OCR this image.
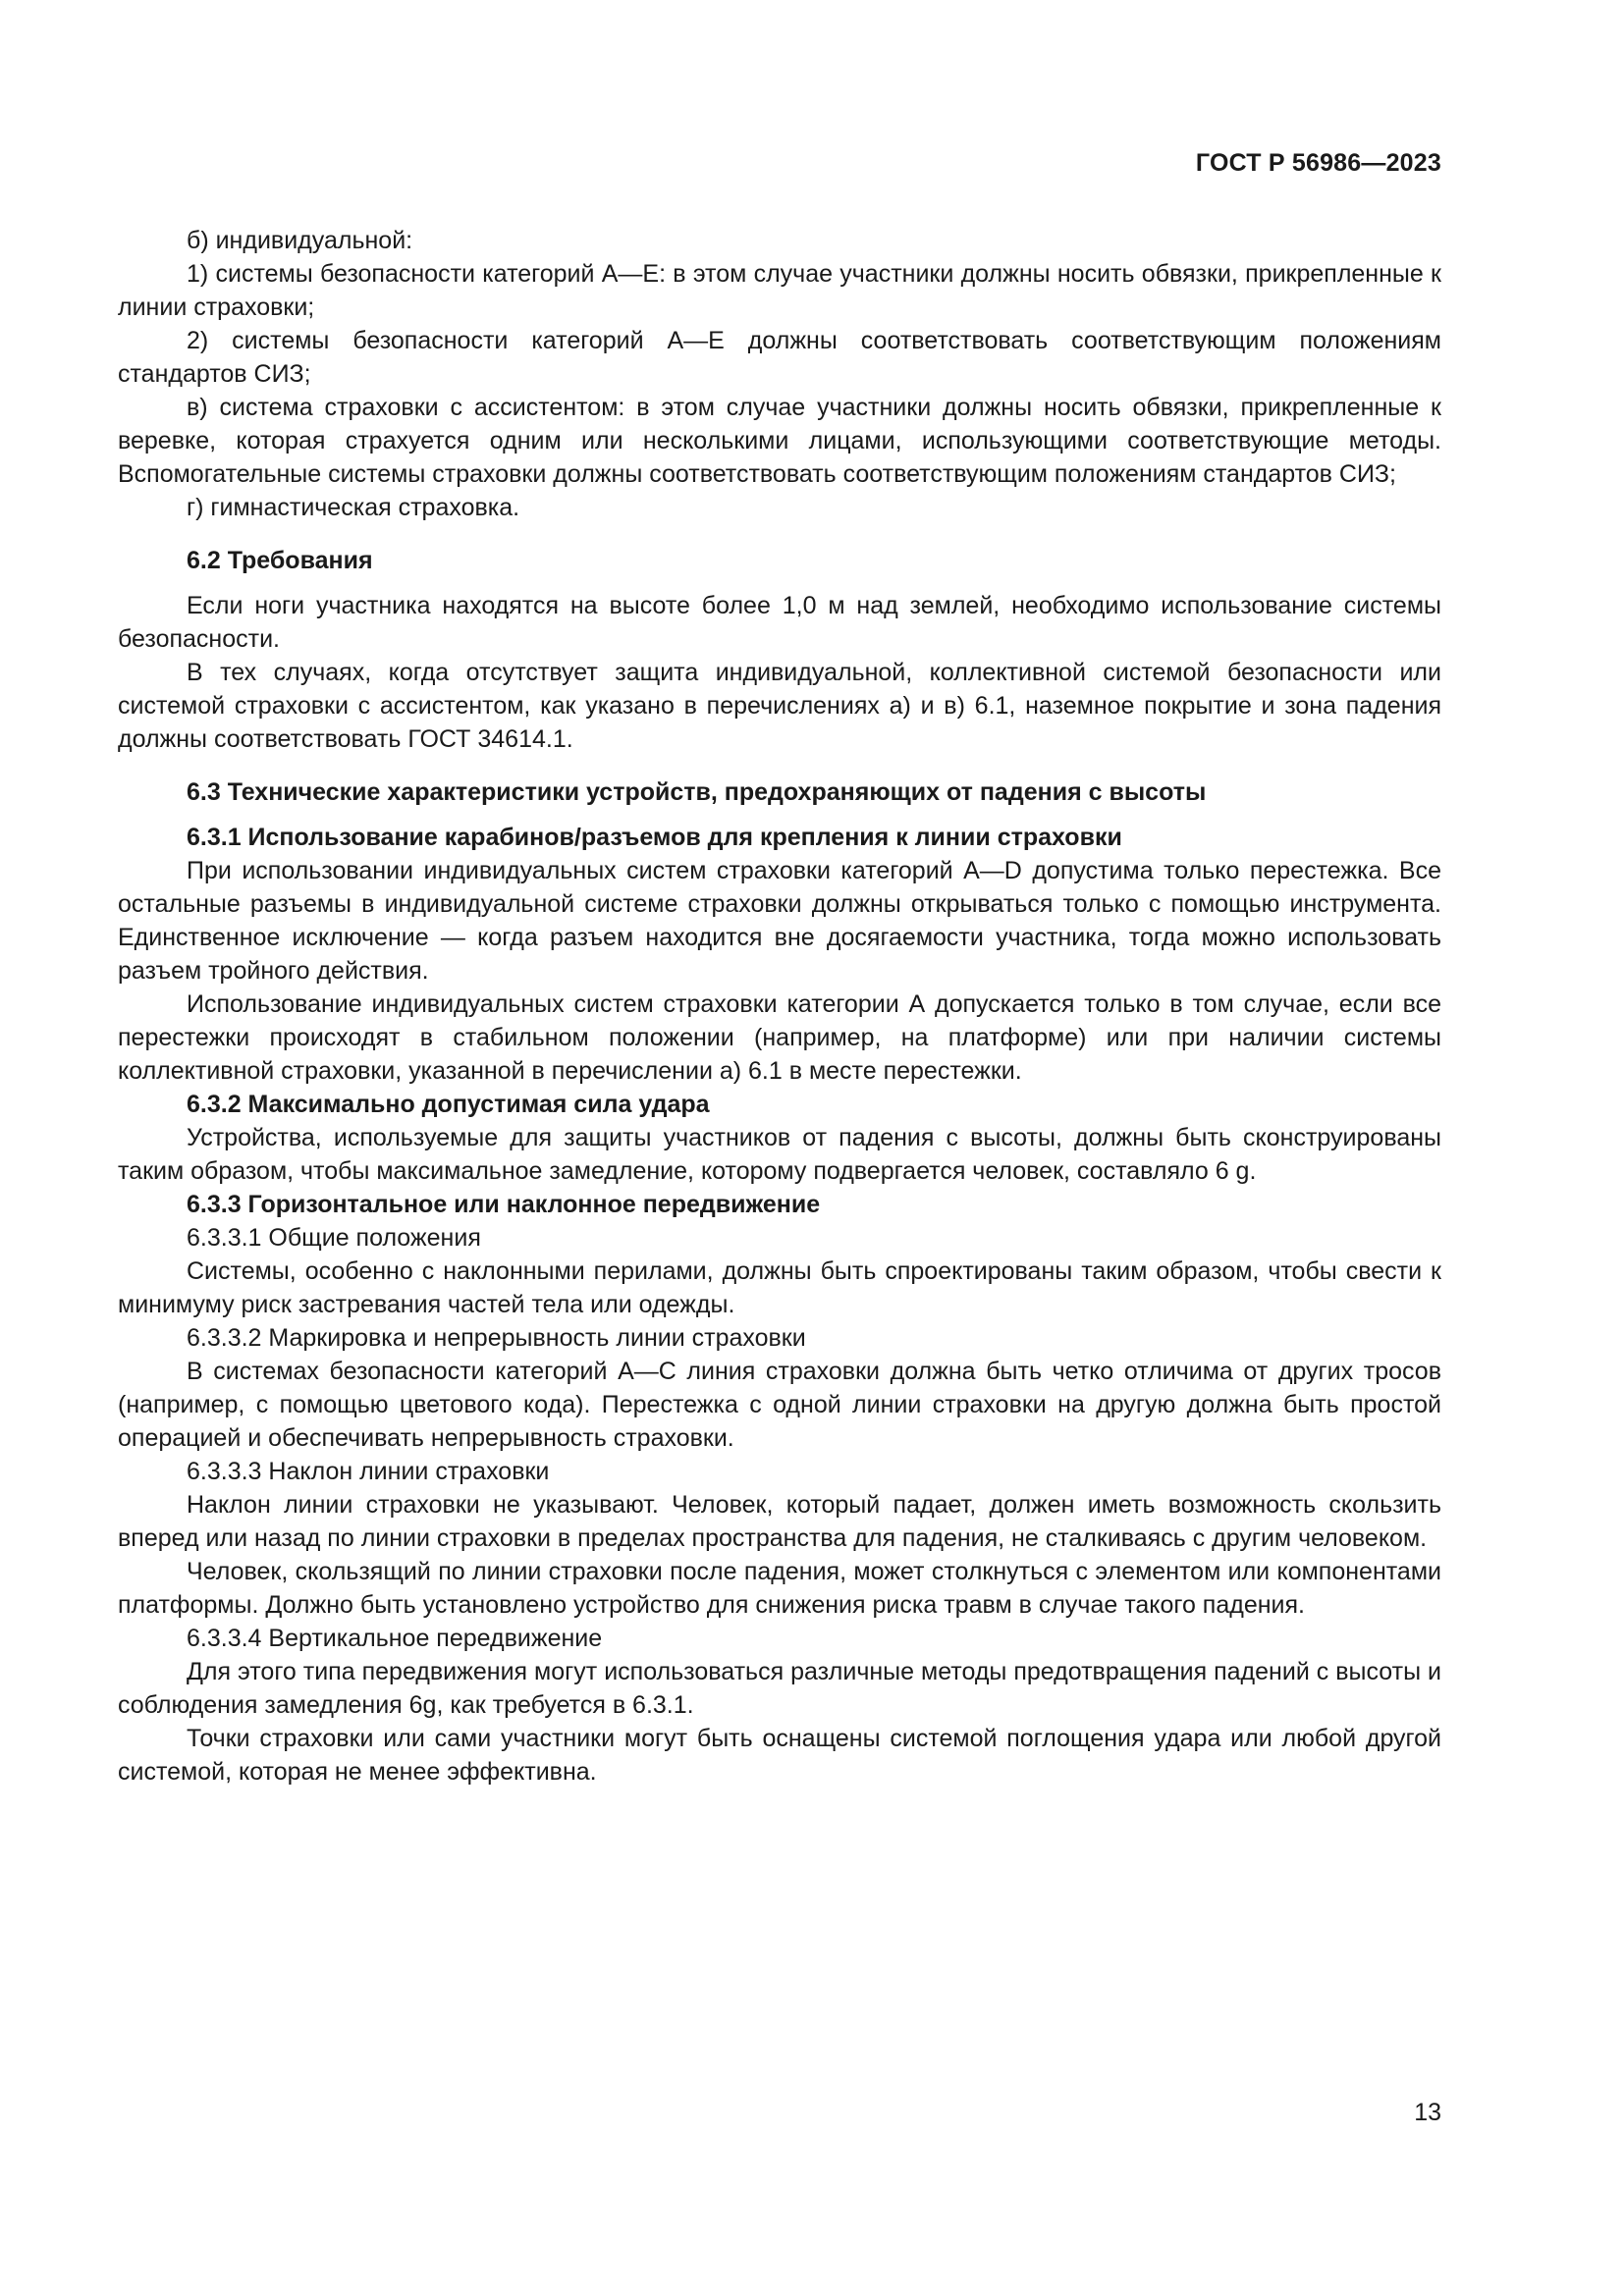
ГОСТ Р 56986—2023

б) индивидуальной:

1) системы безопасности категорий А—Е: в этом случае участники должны носить обвязки, прикрепленные к линии страховки;

2) системы безопасности категорий А—Е должны соответствовать соответствующим положениям стандартов СИЗ;

в) система страховки с ассистентом: в этом случае участники должны носить обвязки, прикрепленные к веревке, которая страхуется одним или несколькими лицами, использующими соответствующие методы. Вспомогательные системы страховки должны соответствовать соответствующим положениям стандартов СИЗ;

г) гимнастическая страховка.

6.2 Требования

Если ноги участника находятся на высоте более 1,0 м над землей, необходимо использование системы безопасности.

В тех случаях, когда отсутствует защита индивидуальной, коллективной системой безопасности или системой страховки с ассистентом, как указано в перечислениях а) и в) 6.1, наземное покрытие и зона падения должны соответствовать ГОСТ 34614.1.

6.3 Технические характеристики устройств, предохраняющих от падения с высоты
6.3.1 Использование карабинов/разъемов для крепления к линии страховки

При использовании индивидуальных систем страховки категорий А—D допустима только перестежка. Все остальные разъемы в индивидуальной системе страховки должны открываться только с помощью инструмента. Единственное исключение — когда разъем находится вне досягаемости участника, тогда можно использовать разъем тройного действия.

Использование индивидуальных систем страховки категории А допускается только в том случае, если все перестежки происходят в стабильном положении (например, на платформе) или при наличии системы коллективной страховки, указанной в перечислении а) 6.1 в месте перестежки.

6.3.2 Максимально допустимая сила удара

Устройства, используемые для защиты участников от падения с высоты, должны быть сконструированы таким образом, чтобы максимальное замедление, которому подвергается человек, составляло 6 g.

6.3.3 Горизонтальное или наклонное передвижение

6.3.3.1 Общие положения

Системы, особенно с наклонными перилами, должны быть спроектированы таким образом, чтобы свести к минимуму риск застревания частей тела или одежды.

6.3.3.2 Маркировка и непрерывность линии страховки

В системах безопасности категорий А—С линия страховки должна быть четко отличима от других тросов (например, с помощью цветового кода). Перестежка с одной линии страховки на другую должна быть простой операцией и обеспечивать непрерывность страховки.

6.3.3.3 Наклон линии страховки

Наклон линии страховки не указывают. Человек, который падает, должен иметь возможность скользить вперед или назад по линии страховки в пределах пространства для падения, не сталкиваясь с другим человеком.

Человек, скользящий по линии страховки после падения, может столкнуться с элементом или компонентами платформы. Должно быть установлено устройство для снижения риска травм в случае такого падения.

6.3.3.4 Вертикальное передвижение

Для этого типа передвижения могут использоваться различные методы предотвращения падений с высоты и соблюдения замедления 6g, как требуется в 6.3.1.

Точки страховки или сами участники могут быть оснащены системой поглощения удара или любой другой системой, которая не менее эффективна.

13
